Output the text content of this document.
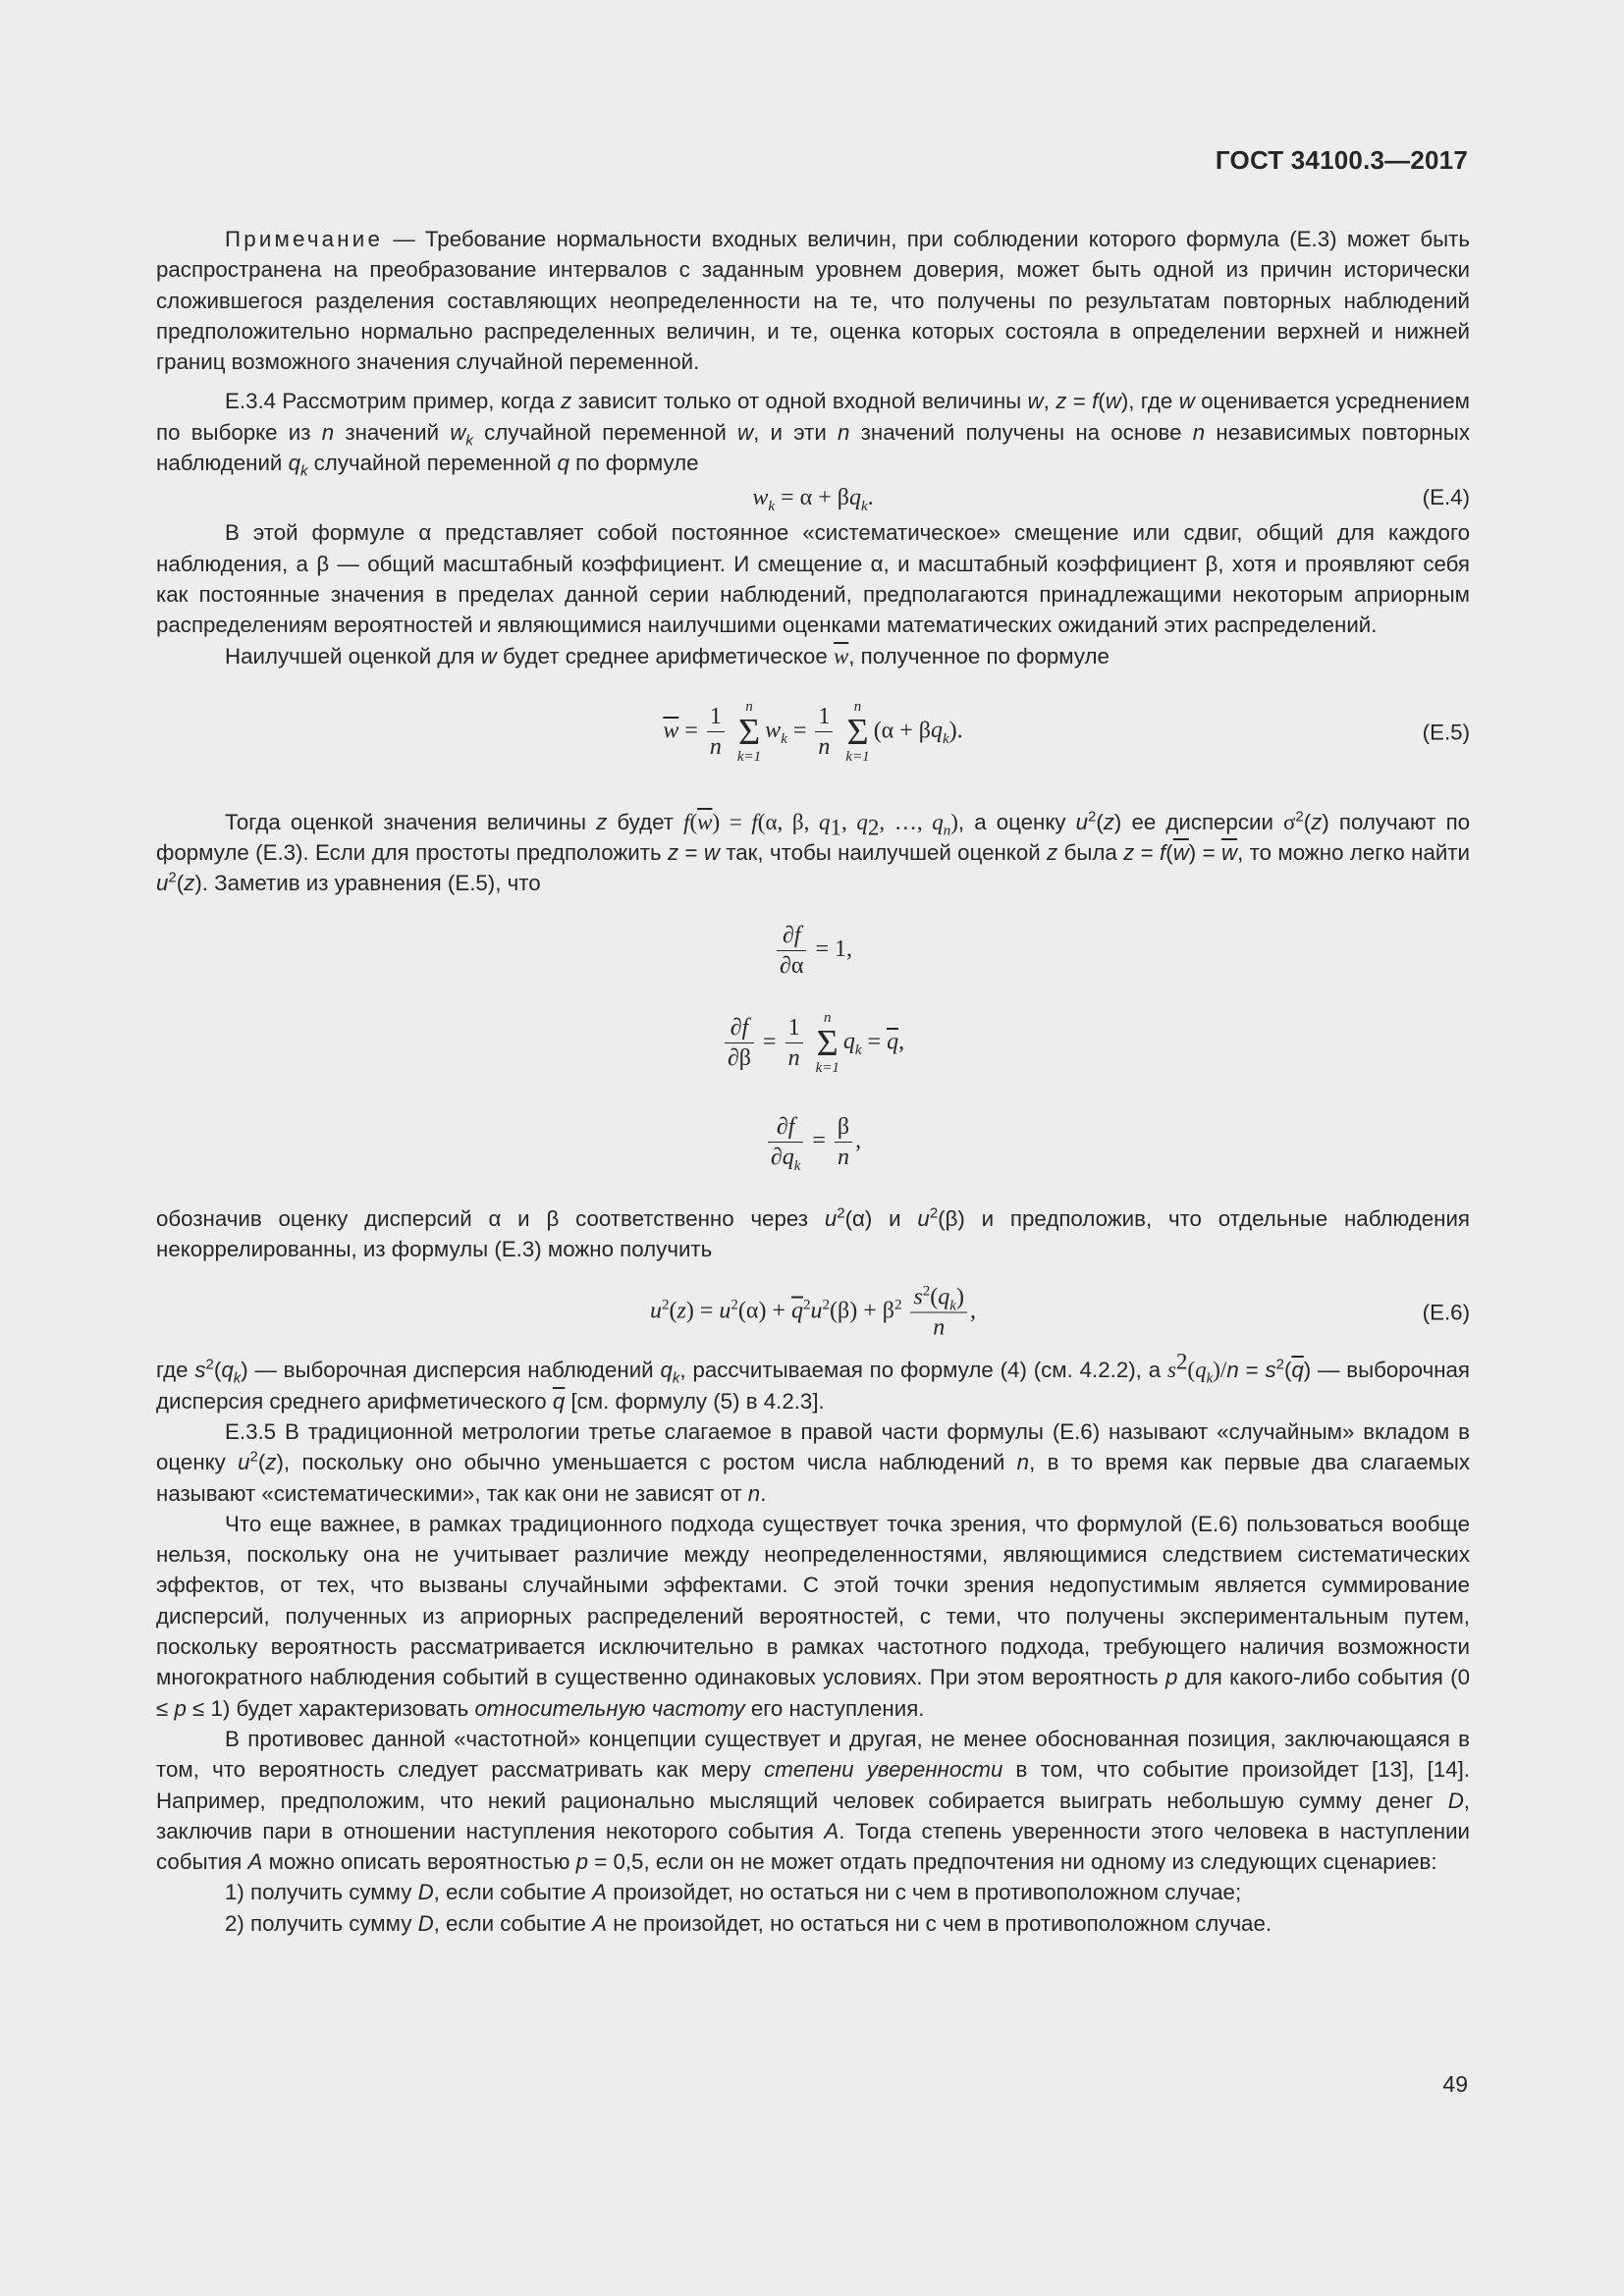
ГОСТ 34100.3—2017

Примечание — Требование нормальности входных величин, при соблюдении которого формула (Е.3) может быть распространена на преобразование интервалов с заданным уровнем доверия, может быть одной из причин исторически сложившегося разделения составляющих неопределенности на те, что получены по результатам повторных наблюдений предположительно нормально распределенных величин, и те, оценка которых состояла в определении верхней и нижней границ возможного значения случайной переменной.

Е.3.4 Рассмотрим пример, когда z зависит только от одной входной величины w, z = f(w), где w оценивается усреднением по выборке из n значений $w_k$ случайной переменной w, и эти n значений получены на основе n независимых повторных наблюдений $q_k$ случайной переменной q по формуле

$w_k = \alpha + \beta q_k$.	(Е.4)

В этой формуле α представляет собой постоянное «систематическое» смещение или сдвиг, общий для каждого наблюдения, а β — общий масштабный коэффициент. И смещение α, и масштабный коэффициент β, хотя и проявляют себя как постоянные значения в пределах данной серии наблюдений, предполагаются принадлежащими некоторым априорным распределениям вероятностей и являющимися наилучшими оценками математических ожиданий этих распределений.

Наилучшей оценкой для w будет среднее арифметическое $\overline{w}$, полученное по формуле

$\overline{w} = \frac{1}{n}$
	n
Σ
k=1
$w_k = \frac{1}{n}$
	n
Σ
k=1
$(\alpha + \beta q_k)$.	(Е.5)

Тогда оценкой значения величины z будет $f(\overline{w}) = f(\alpha$, β, $q_1$, $q_2$, …, $q_n$), а оценку $u^2(z)$ ее дисперсии $\sigma^2(z)$ получают по формуле (Е.3). Если для простоты предположить z = w так, чтобы наилучшей оценкой z была $z = f(\overline{w}) = \overline{w}$, то можно легко найти $u^2(z)$. Заметив из уравнения (Е.5), что

$\frac{\partial f}{\partial\alpha} = 1$,
$\frac{\partial f}{\partial\beta} = \frac{1}{n}$
	n
Σ
k=1
$q_k = \overline{q}$,
$\frac{\partial f}{\partial q_k} = \frac{\beta}{n}$ ,

обозначив оценку дисперсий α и β соответственно через $u^2(\alpha)$ и $u^2(\beta)$ и предположив, что отдельные наблюдения некоррелированны, из формулы (Е.3) можно получить

$u^2(z) = u^2(\alpha) + \overline{q}^2u^2(\beta) + \beta^2 \frac{s^2(q_k)}{n}$ ,	(Е.6)

где $s^2(q_k)$ — выборочная дисперсия наблюдений $q_k$, рассчитываемая по формуле (4) (см. 4.2.2), а $s^2(q_k)/n = s^2(\overline{q})$ — выборочная дисперсия среднего арифметического $\overline{q}$ [см. формулу (5) в 4.2.3].

Е.3.5 В традиционной метрологии третье слагаемое в правой части формулы (Е.6) называют «случайным» вкладом в оценку $u^2(z)$, поскольку оно обычно уменьшается с ростом числа наблюдений n, в то время как первые два слагаемых называют «систематическими», так как они не зависят от n.

Что еще важнее, в рамках традиционного подхода существует точка зрения, что формулой (Е.6) пользоваться вообще нельзя, поскольку она не учитывает различие между неопределенностями, являющимися следствием систематических эффектов, от тех, что вызваны случайными эффектами. С этой точки зрения недопустимым является суммирование дисперсий, полученных из априорных распределений вероятностей, с теми, что получены экспериментальным путем, поскольку вероятность рассматривается исключительно в рамках частотного подхода, требующего наличия возможности многократного наблюдения событий в существенно одинаковых условиях. При этом вероятность p для какого-либо события (0 ≤ p ≤ 1) будет характеризовать относительную частоту его наступления.

В противовес данной «частотной» концепции существует и другая, не менее обоснованная позиция, заключающаяся в том, что вероятность следует рассматривать как меру степени уверенности в том, что событие произойдет [13], [14]. Например, предположим, что некий рационально мыслящий человек собирается выиграть небольшую сумму денег D, заключив пари в отношении наступления некоторого события A. Тогда степень уверенности этого человека в наступлении события A можно описать вероятностью p = 0,5, если он не может отдать предпочтения ни одному из следующих сценариев:

1) получить сумму D, если событие A произойдет, но остаться ни с чем в противоположном случае;

2) получить сумму D, если событие A не произойдет, но остаться ни с чем в противоположном случае.

49
